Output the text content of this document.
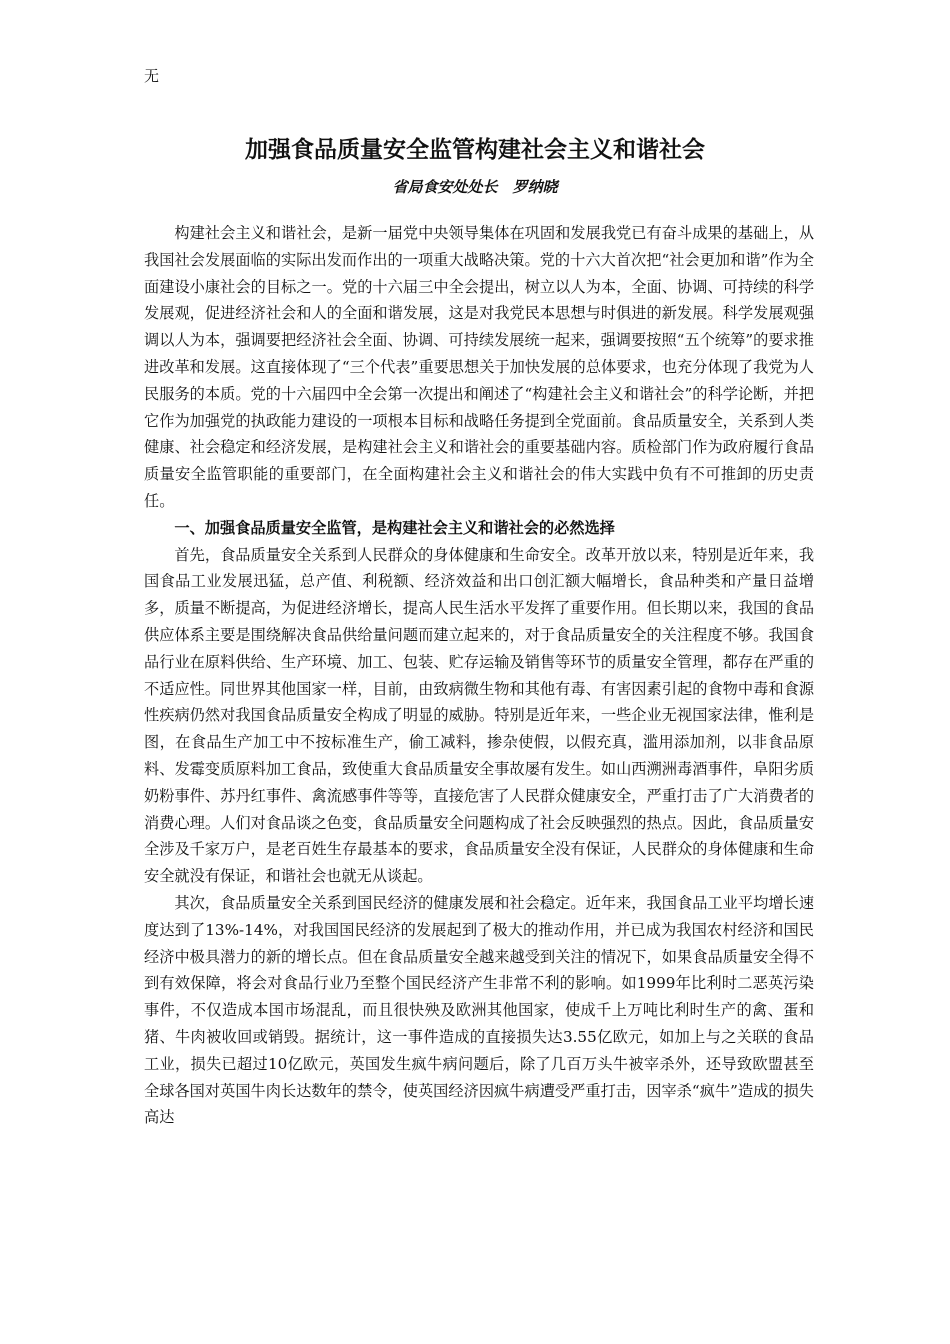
无
加强食品质量安全监管构建社会主义和谐社会
省局食安处处长　罗纳晓

构建社会主义和谐社会，是新一届党中央领导集体在巩固和发展我党已有奋斗成果的基础上，从我国社会发展面临的实际出发而作出的一项重大战略决策。党的十六大首次把“社会更加和谐”作为全面建设小康社会的目标之一。党的十六届三中全会提出，树立以人为本，全面、协调、可持续的科学发展观，促进经济社会和人的全面和谐发展，这是对我党民本思想与时俱进的新发展。科学发展观强调以人为本，强调要把经济社会全面、协调、可持续发展统一起来，强调要按照“五个统筹”的要求推进改革和发展。这直接体现了“三个代表”重要思想关于加快发展的总体要求，也充分体现了我党为人民服务的本质。党的十六届四中全会第一次提出和阐述了“构建社会主义和谐社会”的科学论断，并把它作为加强党的执政能力建设的一项根本目标和战略任务提到全党面前。食品质量安全，关系到人类健康、社会稳定和经济发展，是构建社会主义和谐社会的重要基础内容。质检部门作为政府履行食品质量安全监管职能的重要部门，在全面构建社会主义和谐社会的伟大实践中负有不可推卸的历史责任。

一、加强食品质量安全监管，是构建社会主义和谐社会的必然选择

首先，食品质量安全关系到人民群众的身体健康和生命安全。改革开放以来，特别是近年来，我国食品工业发展迅猛，总产值、利税额、经济效益和出口创汇额大幅增长，食品种类和产量日益增多，质量不断提高，为促进经济增长，提高人民生活水平发挥了重要作用。但长期以来，我国的食品供应体系主要是围绕解决食品供给量问题而建立起来的，对于食品质量安全的关注程度不够。我国食品行业在原料供给、生产环境、加工、包装、贮存运输及销售等环节的质量安全管理，都存在严重的不适应性。同世界其他国家一样，目前，由致病微生物和其他有毒、有害因素引起的食物中毒和食源性疾病仍然对我国食品质量安全构成了明显的威胁。特别是近年来，一些企业无视国家法律，惟利是图，在食品生产加工中不按标准生产，偷工减料，掺杂使假，以假充真，滥用添加剂，以非食品原料、发霉变质原料加工食品，致使重大食品质量安全事故屡有发生。如山西溯洲毒酒事件，阜阳劣质奶粉事件、苏丹红事件、禽流感事件等等，直接危害了人民群众健康安全，严重打击了广大消费者的消费心理。人们对食品谈之色变，食品质量安全问题构成了社会反映强烈的热点。因此，食品质量安全涉及千家万户，是老百姓生存最基本的要求，食品质量安全没有保证，人民群众的身体健康和生命安全就没有保证，和谐社会也就无从谈起。

其次，食品质量安全关系到国民经济的健康发展和社会稳定。近年来，我国食品工业平均增长速度达到了13%-14%，对我国国民经济的发展起到了极大的推动作用，并已成为我国农村经济和国民经济中极具潜力的新的增长点。但在食品质量安全越来越受到关注的情况下，如果食品质量安全得不到有效保障，将会对食品行业乃至整个国民经济产生非常不利的影响。如1999年比利时二恶英污染事件，不仅造成本国市场混乱，而且很快殃及欧洲其他国家，使成千上万吨比利时生产的禽、蛋和猪、牛肉被收回或销毁。据统计，这一事件造成的直接损失达3.55亿欧元，如加上与之关联的食品工业，损失已超过10亿欧元，英国发生疯牛病问题后，除了几百万头牛被宰杀外，还导致欧盟甚至全球各国对英国牛肉长达数年的禁令，使英国经济因疯牛病遭受严重打击，因宰杀“疯牛”造成的损失高达
